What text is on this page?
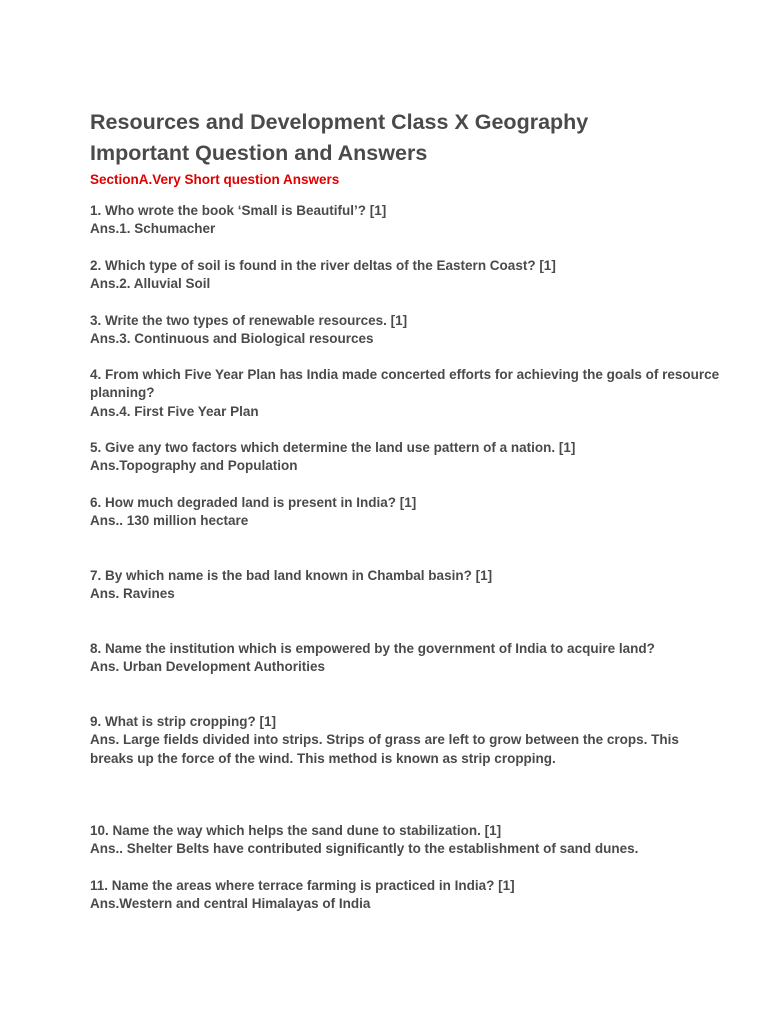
Resources and Development Class X Geography
Important Question and Answers

SectionA.Very Short question Answers

1. Who wrote the book ‘Small is Beautiful’? [1]

Ans.1. Schumacher

2. Which type of soil is found in the river deltas of the Eastern Coast? [1]

Ans.2. Alluvial Soil

3. Write the two types of renewable resources. [1]

Ans.3. Continuous and Biological resources

4. From which Five Year Plan has India made concerted efforts for achieving the goals of resource planning?

Ans.4. First Five Year Plan

5. Give any two factors which determine the land use pattern of a nation. [1]

Ans.Topography and Population

6. How much degraded land is present in India? [1]

Ans.. 130 million hectare

7. By which name is the bad land known in Chambal basin? [1]

Ans. Ravines

8. Name the institution which is empowered by the government of India to acquire land?

Ans. Urban Development Authorities

9. What is strip cropping? [1]

Ans. Large fields divided into strips. Strips of grass are left to grow between the crops. This

breaks up the force of the wind. This method is known as strip cropping.

10. Name the way which helps the sand dune to stabilization. [1]

Ans.. Shelter Belts have contributed significantly to the establishment of sand dunes.

11. Name the areas where terrace farming is practiced in India? [1]

Ans.Western and central Himalayas of India
